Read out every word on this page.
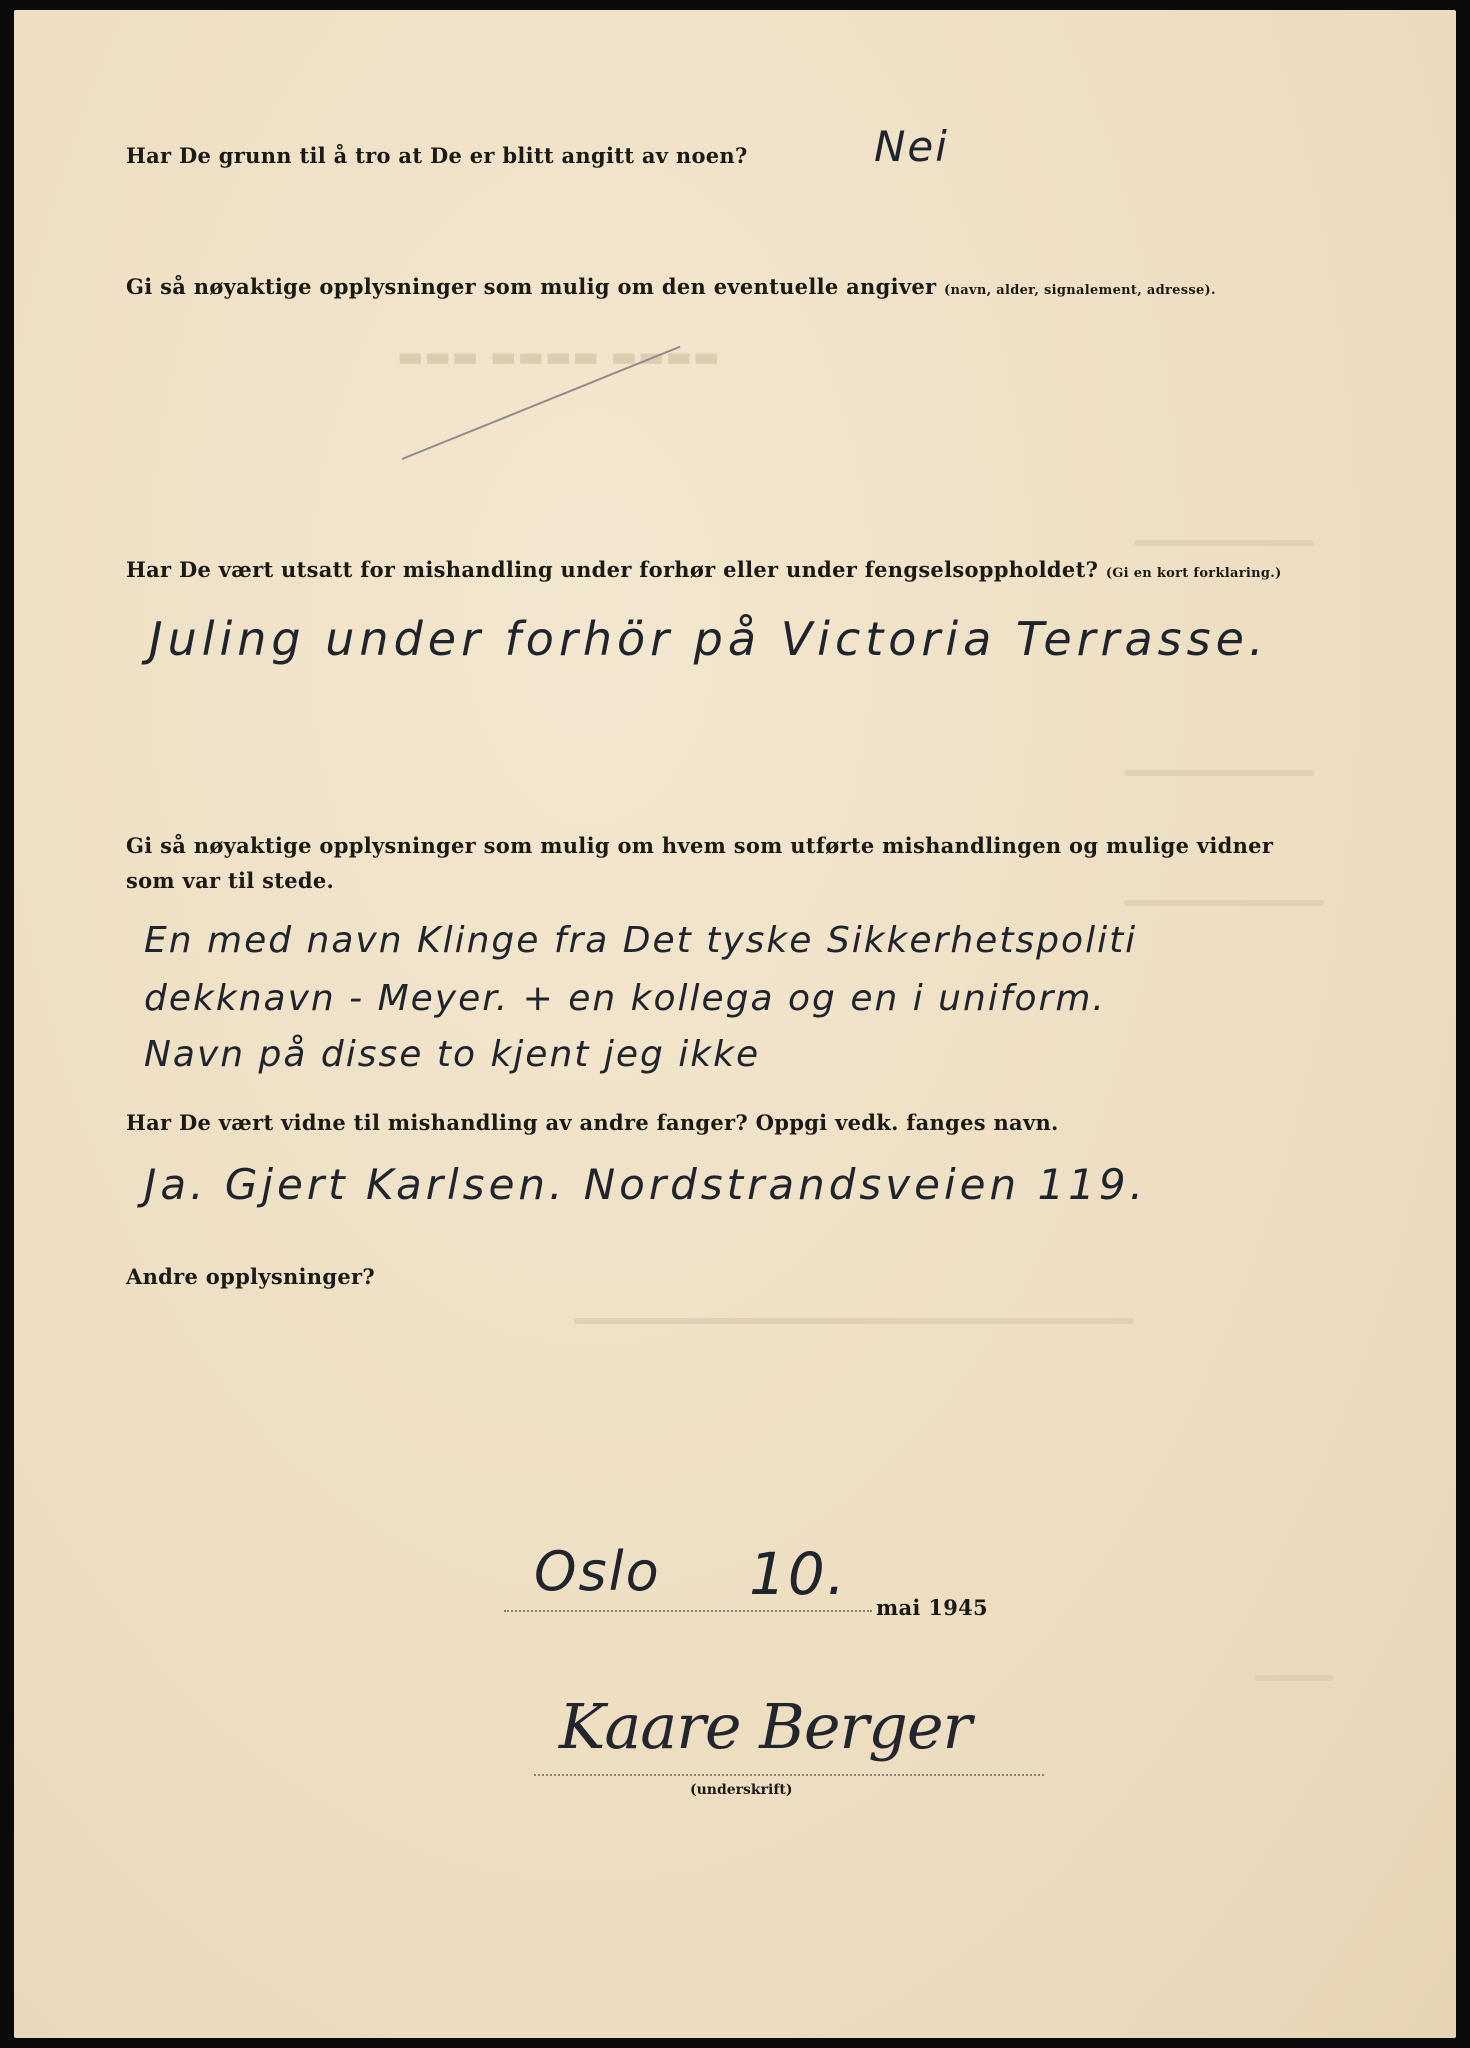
▬▬▬ ▬▬▬▬ ▬▬▬▬
Har De grunn til å tro at De er blitt angitt av noen?	Nei
Gi så nøyaktige opplysninger som mulig om den eventuelle angiver (navn, alder, signalement, adresse).
Har De vært utsatt for mishandling under forhør eller under fengselsoppholdet? (Gi en kort forklaring.)
Juling under forhör på Victoria Terrasse.
Gi så nøyaktige opplysninger som mulig om hvem som utførte mishandlingen og mulige vidner
som var til stede.
En med navn Klinge fra Det tyske Sikkerhetspoliti
dekknavn - Meyer. + en kollega og en i uniform.
Navn på disse to kjent jeg ikke
Har De vært vidne til mishandling av andre fanger? Oppgi vedk. fanges navn.
Ja. Gjert Karlsen. Nordstrandsveien 119.
Andre opplysninger?
Oslo 10. mai 1945
Kaare Berger
(underskrift)
